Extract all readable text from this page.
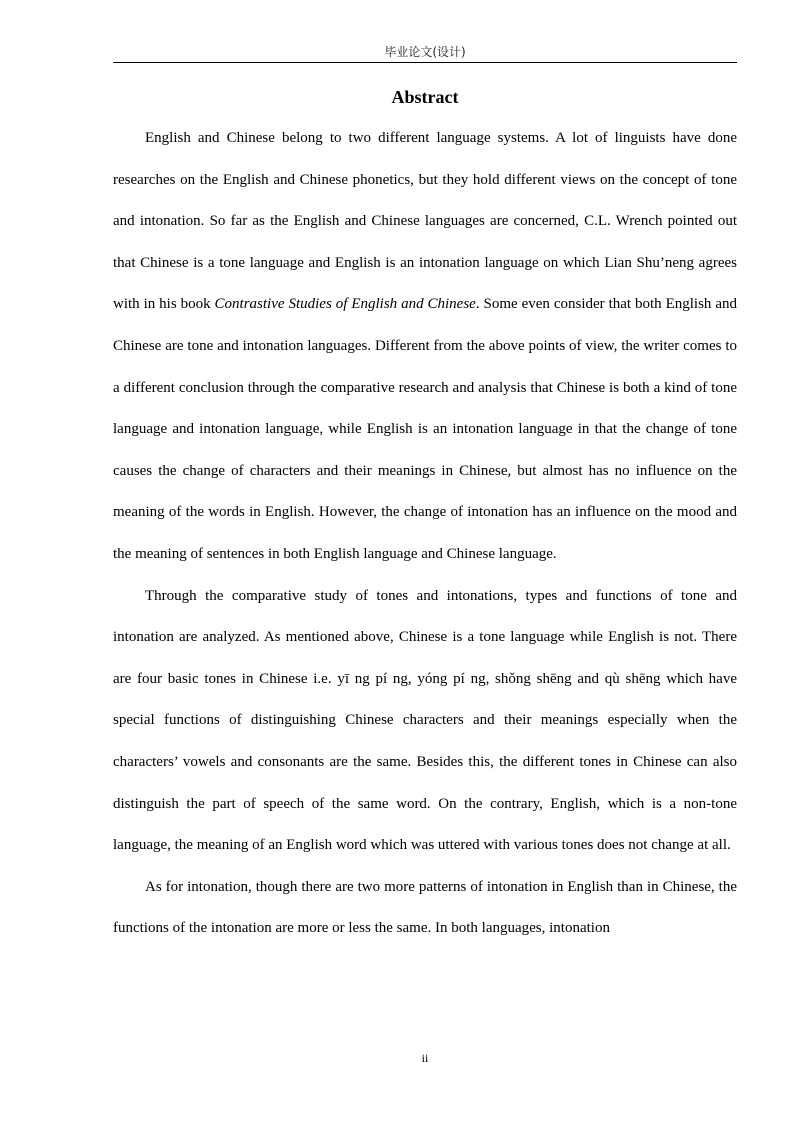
毕业论文(设计)
Abstract

English and Chinese belong to two different language systems. A lot of linguists have done researches on the English and Chinese phonetics, but they hold different views on the concept of tone and intonation. So far as the English and Chinese languages are concerned, C.L. Wrench pointed out that Chinese is a tone language and English is an intonation language on which Lian Shu’neng agrees with in his book Contrastive Studies of English and Chinese. Some even consider that both English and Chinese are tone and intonation languages. Different from the above points of view, the writer comes to a different conclusion through the comparative research and analysis that Chinese is both a kind of tone language and intonation language, while English is an intonation language in that the change of tone causes the change of characters and their meanings in Chinese, but almost has no influence on the meaning of the words in English. However, the change of intonation has an influence on the mood and the meaning of sentences in both English language and Chinese language.

Through the comparative study of tones and intonations, types and functions of tone and intonation are analyzed. As mentioned above, Chinese is a tone language while English is not. There are four basic tones in Chinese i.e. yī ng pí ng, yóng pí ng, shǒng shēng and qù shēng which have special functions of distinguishing Chinese characters and their meanings especially when the characters’ vowels and consonants are the same. Besides this, the different tones in Chinese can also distinguish the part of speech of the same word. On the contrary, English, which is a non-tone language, the meaning of an English word which was uttered with various tones does not change at all.

As for intonation, though there are two more patterns of intonation in English than in Chinese, the functions of the intonation are more or less the same. In both languages, intonation

ii
